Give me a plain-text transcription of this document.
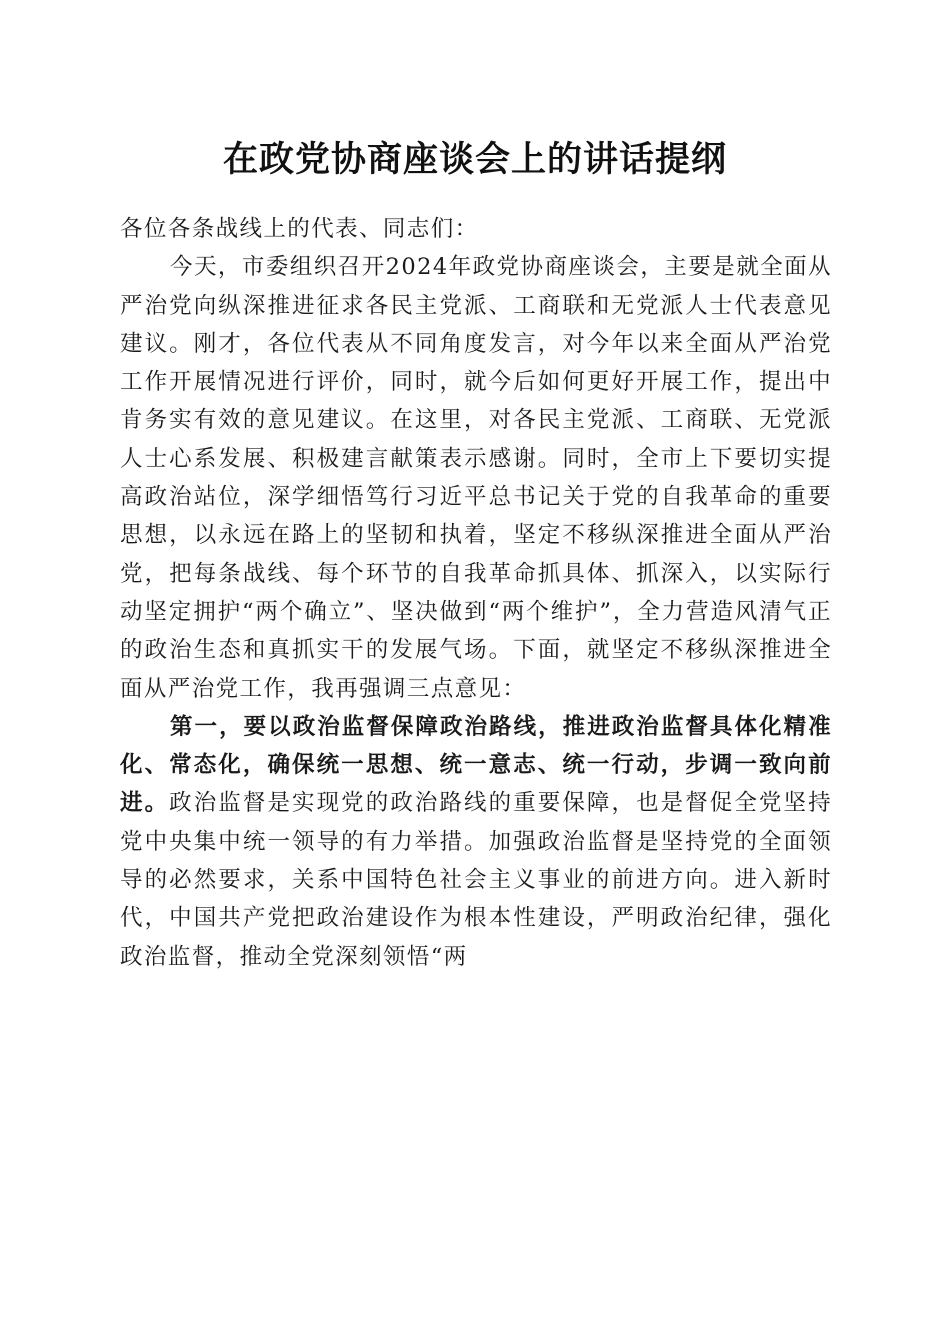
在政党协商座谈会上的讲话提纲

各位各条战线上的代表、同志们：

今天，市委组织召开2024年政党协商座谈会，主要是就全面从严治党向纵深推进征求各民主党派、工商联和无党派人士代表意见建议。刚才，各位代表从不同角度发言，对今年以来全面从严治党工作开展情况进行评价，同时，就今后如何更好开展工作，提出中肯务实有效的意见建议。在这里，对各民主党派、工商联、无党派人士心系发展、积极建言献策表示感谢。同时，全市上下要切实提高政治站位，深学细悟笃行习近平总书记关于党的自我革命的重要思想，以永远在路上的坚韧和执着，坚定不移纵深推进全面从严治党，把每条战线、每个环节的自我革命抓具体、抓深入，以实际行动坚定拥护“两个确立”、坚决做到“两个维护”，全力营造风清气正的政治生态和真抓实干的发展气场。下面，就坚定不移纵深推进全面从严治党工作，我再强调三点意见：

第一，要以政治监督保障政治路线，推进政治监督具体化精准化、常态化，确保统一思想、统一意志、统一行动，步调一致向前进。政治监督是实现党的政治路线的重要保障，也是督促全党坚持党中央集中统一领导的有力举措。加强政治监督是坚持党的全面领导的必然要求，关系中国特色社会主义事业的前进方向。进入新时代，中国共产党把政治建设作为根本性建设，严明政治纪律，强化政治监督，推动全党深刻领悟“两
